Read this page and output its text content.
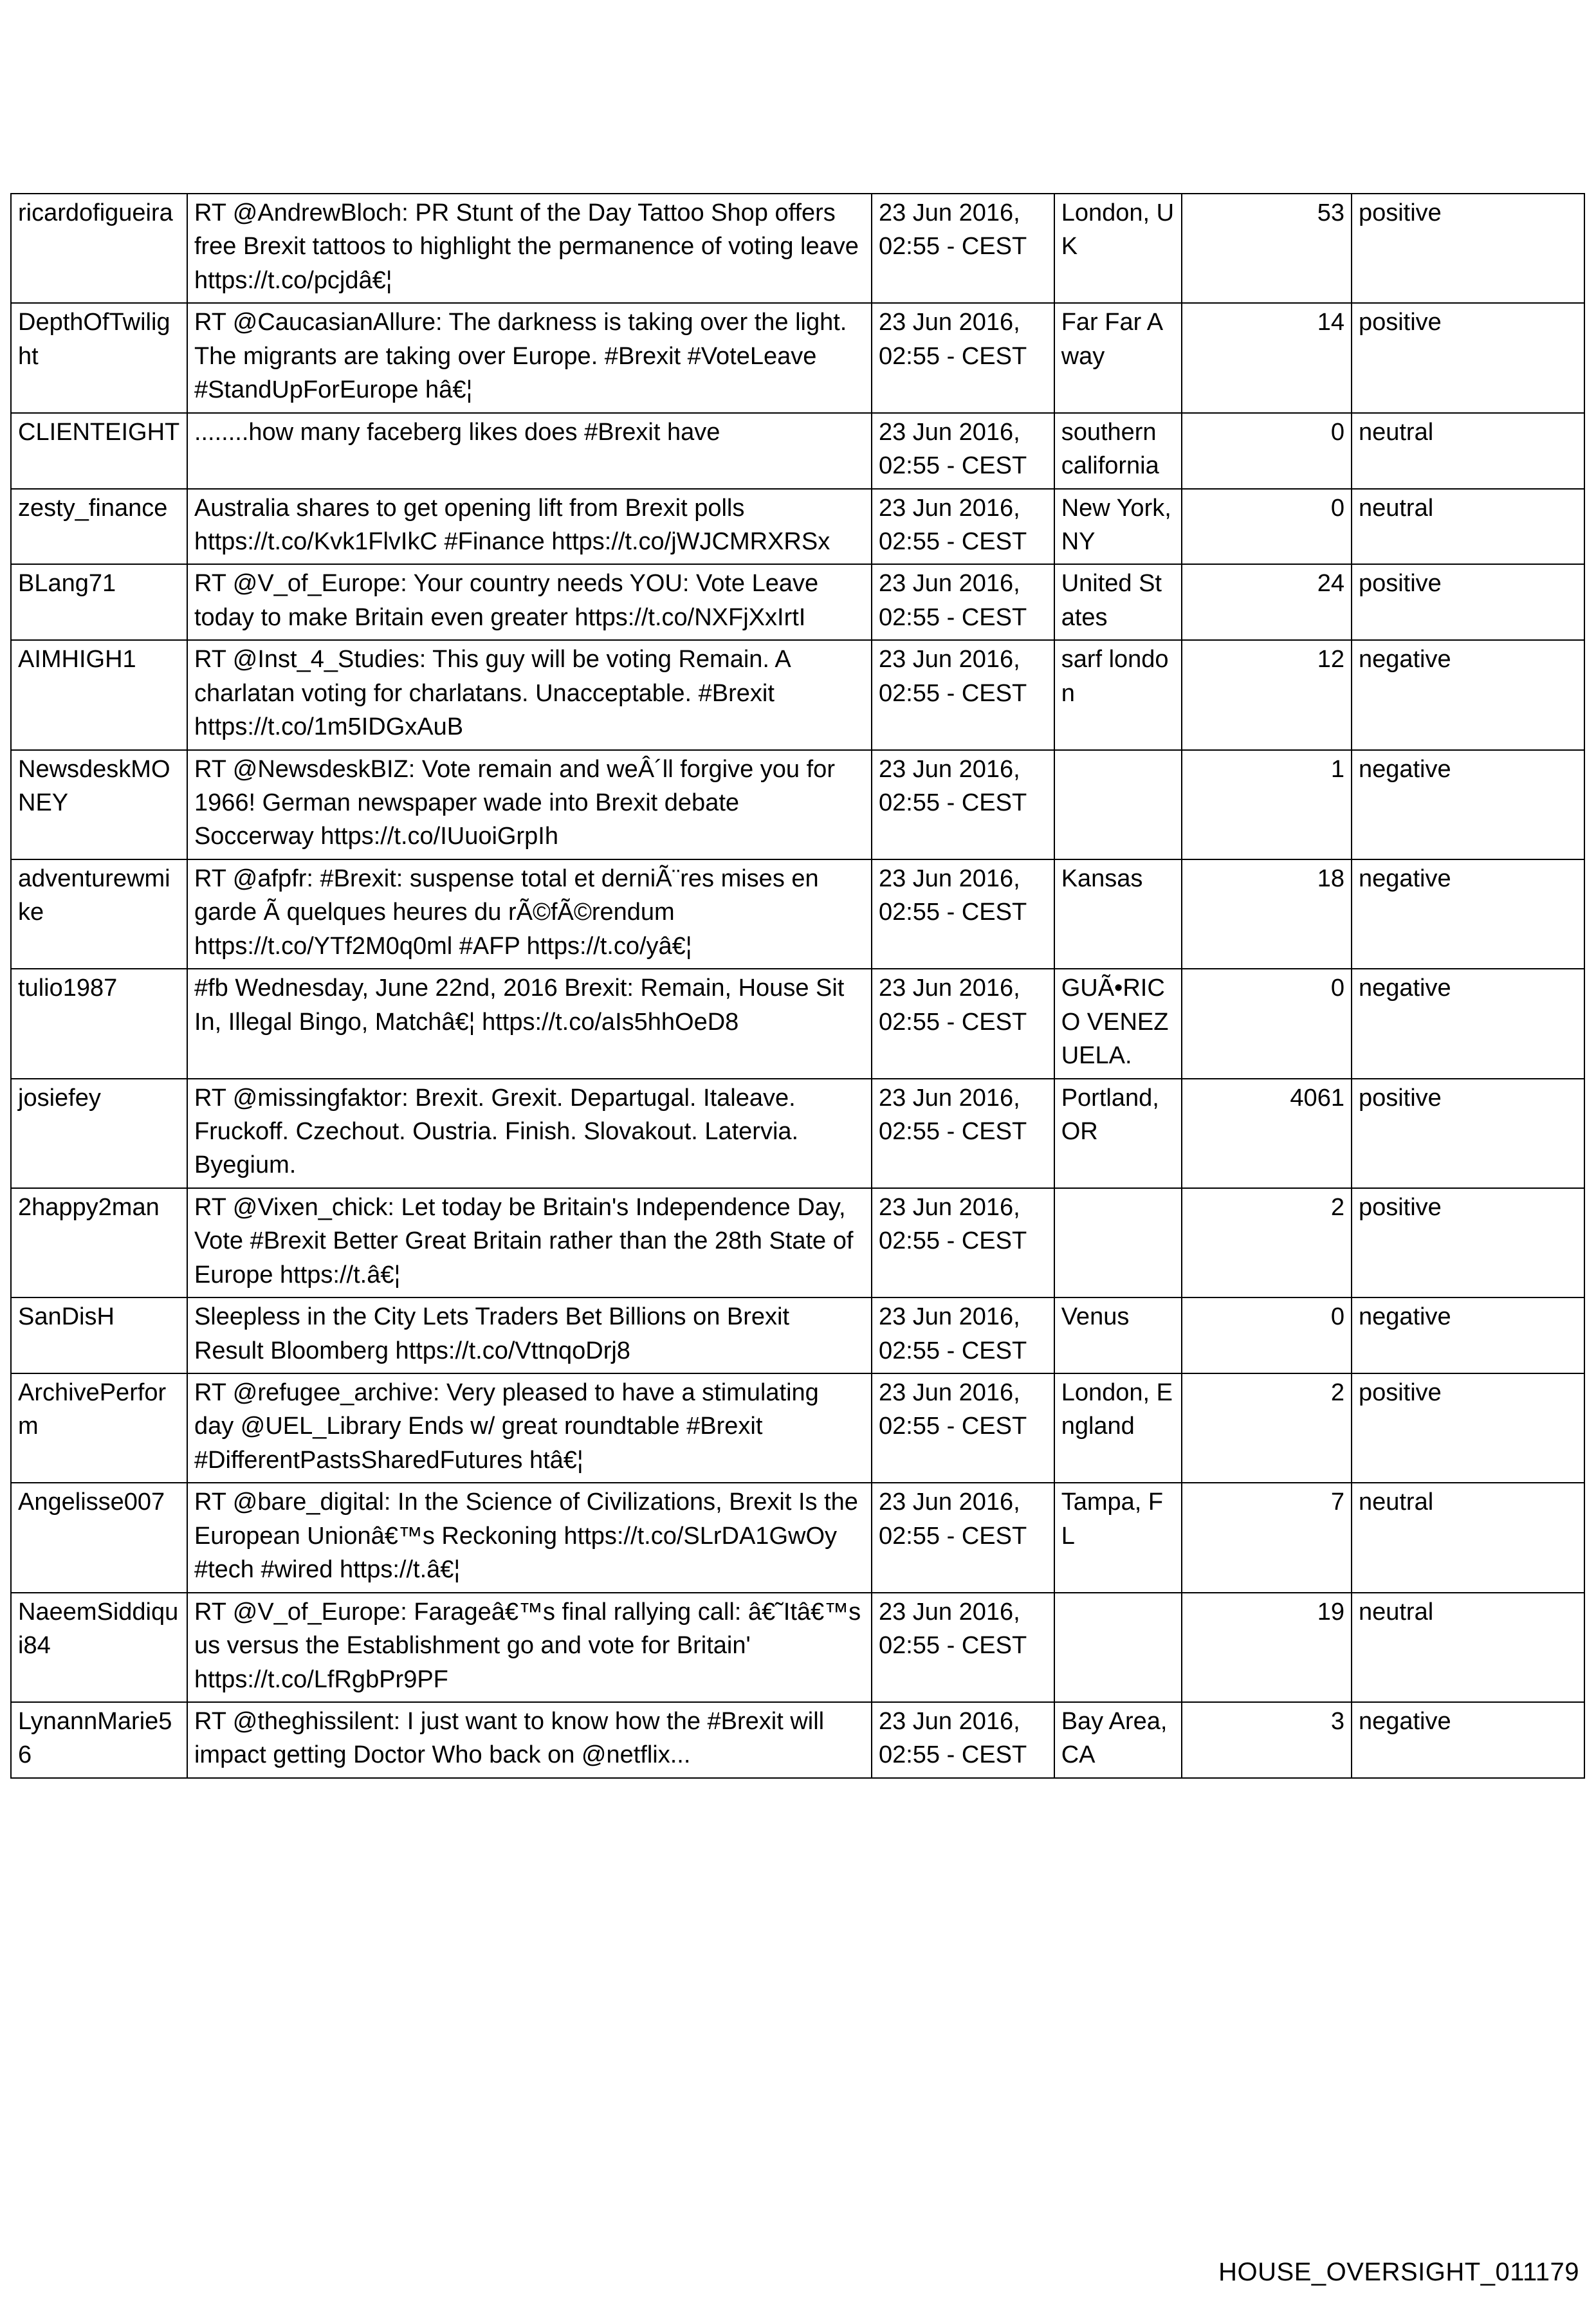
ricardofigueira	RT @AndrewBloch: PR Stunt of the Day Tattoo Shop offers free Brexit tattoos to highlight the permanence of voting leave https://t.co/pcjdâ€¦	23 Jun 2016, 02:55 - CEST	London, UK	53	positive
DepthOfTwilight	RT @CaucasianAllure: The darkness is taking over the light. The migrants are taking over Europe. #Brexit #VoteLeave #StandUpForEurope hâ€¦	23 Jun 2016, 02:55 - CEST	Far Far Away	14	positive
CLIENTEIGHT	........how many faceberg likes does #Brexit have	23 Jun 2016, 02:55 - CEST	southern california	0	neutral
zesty_finance	Australia shares to get opening lift from Brexit polls https://t.co/Kvk1FlvIkC #Finance https://t.co/jWJCMRXRSx	23 Jun 2016, 02:55 - CEST	New York, NY	0	neutral
BLang71	RT @V_of_Europe: Your country needs YOU: Vote Leave today to make Britain even greater https://t.co/NXFjXxIrtI	23 Jun 2016, 02:55 - CEST	United States	24	positive
AIMHIGH1	RT @Inst_4_Studies: This guy will be voting Remain. A charlatan voting for charlatans. Unacceptable. #Brexit https://t.co/1m5IDGxAuB	23 Jun 2016, 02:55 - CEST	sarf london	12	negative
NewsdeskMONEY	RT @NewsdeskBIZ: Vote remain and weÂ´ll forgive you for 1966! German newspaper wade into Brexit debate Soccerway https://t.co/IUuoiGrpIh	23 Jun 2016, 02:55 - CEST		1	negative
adventurewmike	RT @afpfr: #Brexit: suspense total et derniÃ¨res mises en garde Ã quelques heures du rÃ©fÃ©rendum https://t.co/YTf2M0q0ml #AFP https://t.co/yâ€¦	23 Jun 2016, 02:55 - CEST	Kansas	18	negative
tulio1987	#fb Wednesday, June 22nd, 2016 Brexit: Remain, House Sit In, Illegal Bingo, Matchâ€¦ https://t.co/aIs5hhOeD8	23 Jun 2016, 02:55 - CEST	GUÃ•RICO VENEZUELA.	0	negative
josiefey	RT @missingfaktor: Brexit. Grexit. Departugal. Italeave. Fruckoff. Czechout. Oustria. Finish. Slovakout. Latervia. Byegium.	23 Jun 2016, 02:55 - CEST	Portland, OR	4061	positive
2happy2man	RT @Vixen_chick: Let today be Britain's Independence Day, Vote #Brexit Better Great Britain rather than the 28th State of Europe https://t.â€¦	23 Jun 2016, 02:55 - CEST		2	positive
SanDisH	Sleepless in the City Lets Traders Bet Billions on Brexit Result Bloomberg https://t.co/VttnqoDrj8	23 Jun 2016, 02:55 - CEST	Venus	0	negative
ArchivePerform	RT @refugee_archive: Very pleased to have a stimulating day @UEL_Library Ends w/ great roundtable #Brexit #DifferentPastsSharedFutures htâ€¦	23 Jun 2016, 02:55 - CEST	London, England	2	positive
Angelisse007	RT @bare_digital: In the Science of Civilizations, Brexit Is the European Unionâ€™s Reckoning https://t.co/SLrDA1GwOy #tech #wired https://t.â€¦	23 Jun 2016, 02:55 - CEST	Tampa, FL	7	neutral
NaeemSiddiqui84	RT @V_of_Europe: Farageâ€™s final rallying call: â€˜Itâ€™s us versus the Establishment go and vote for Britain' https://t.co/LfRgbPr9PF	23 Jun 2016, 02:55 - CEST		19	neutral
LynannMarie56	RT @theghissilent: I just want to know how the #Brexit will impact getting Doctor Who back on @netflix...	23 Jun 2016, 02:55 - CEST	Bay Area, CA	3	negative
HOUSE_OVERSIGHT_011179
